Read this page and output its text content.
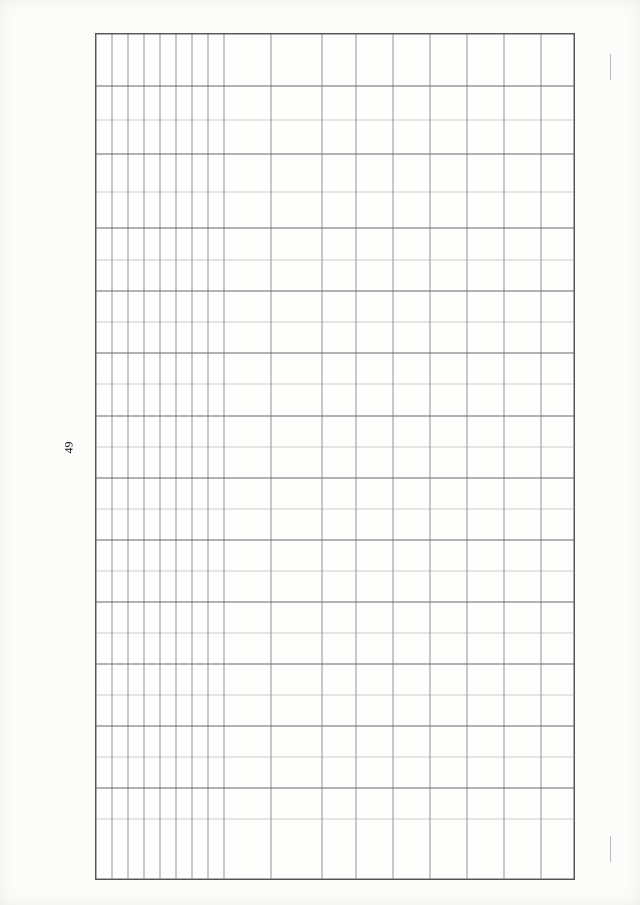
49
